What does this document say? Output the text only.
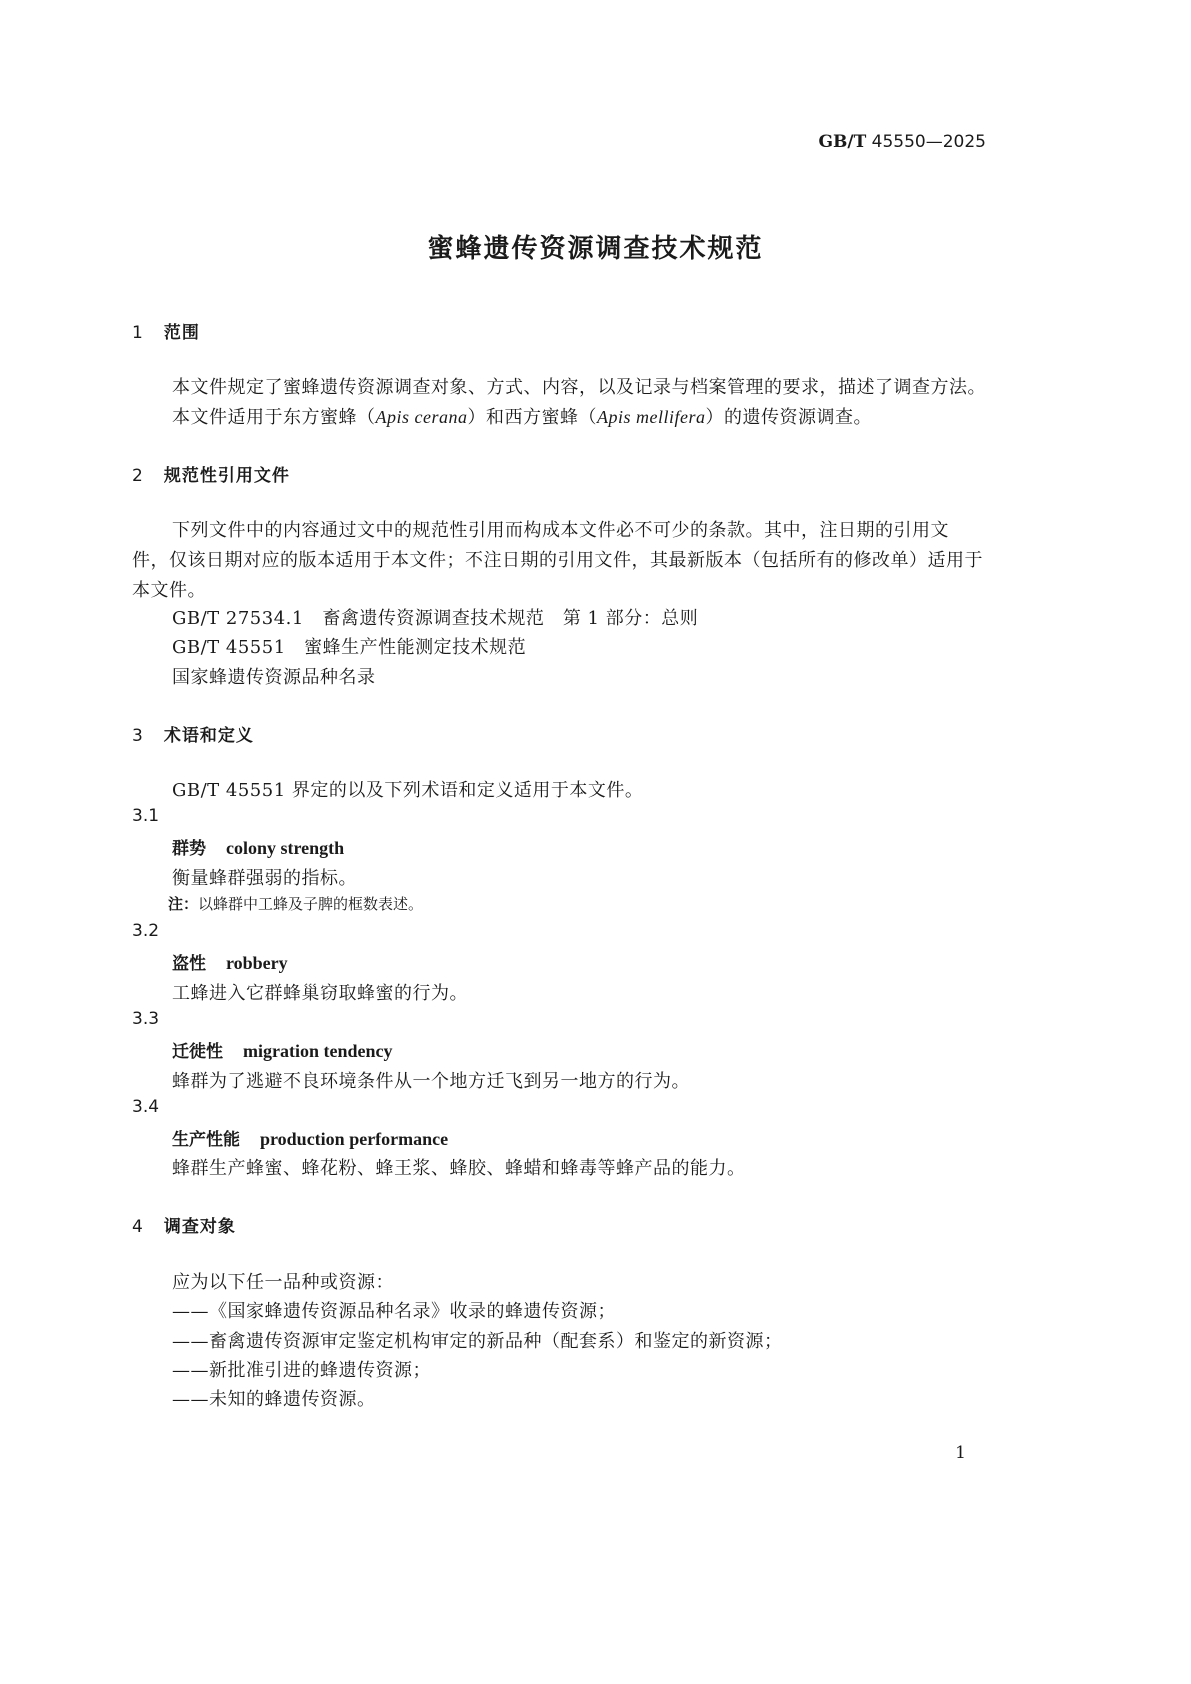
GB/T 45550—2025
蜜蜂遗传资源调查技术规范
1 范围
本文件规定了蜜蜂遗传资源调查对象、方式、内容，以及记录与档案管理的要求，描述了调查方法。
本文件适用于东方蜜蜂（Apis cerana）和西方蜜蜂（Apis mellifera）的遗传资源调查。
2 规范性引用文件
下列文件中的内容通过文中的规范性引用而构成本文件必不可少的条款。其中，注日期的引用文
件，仅该日期对应的版本适用于本文件；不注日期的引用文件，其最新版本（包括所有的修改单）适用于
本文件。
GB/T 27534.1　畜禽遗传资源调查技术规范　第 1 部分：总则
GB/T 45551　蜜蜂生产性能测定技术规范
国家蜂遗传资源品种名录
3 术语和定义
GB/T 45551 界定的以及下列术语和定义适用于本文件。
3.1
群势 colony strength
衡量蜂群强弱的指标。
注：以蜂群中工蜂及子脾的框数表述。
3.2
盗性 robbery
工蜂进入它群蜂巢窃取蜂蜜的行为。
3.3
迁徙性 migration tendency
蜂群为了逃避不良环境条件从一个地方迁飞到另一地方的行为。
3.4
生产性能 production performance
蜂群生产蜂蜜、蜂花粉、蜂王浆、蜂胶、蜂蜡和蜂毒等蜂产品的能力。
4 调查对象
应为以下任一品种或资源：
——《国家蜂遗传资源品种名录》收录的蜂遗传资源；
——畜禽遗传资源审定鉴定机构审定的新品种（配套系）和鉴定的新资源；
——新批准引进的蜂遗传资源；
——未知的蜂遗传资源。
1
